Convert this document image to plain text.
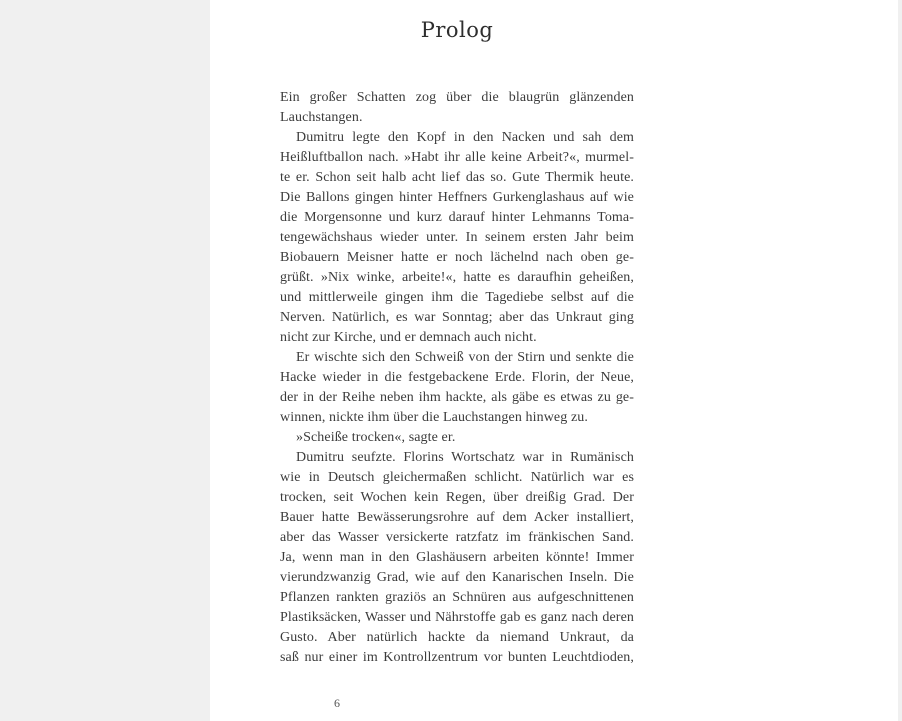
Prolog
Ein großer Schatten zog über die blaugrün glänzenden
Lauchstangen.
Dumitru legte den Kopf in den Nacken und sah dem
Heißluftballon nach. »Habt ihr alle keine Arbeit?«, murmel-
te er. Schon seit halb acht lief das so. Gute Thermik heute.
Die Ballons gingen hinter Heffners Gurkenglashaus auf wie
die Morgensonne und kurz darauf hinter Lehmanns Toma-
tengewächshaus wieder unter. In seinem ersten Jahr beim
Biobauern Meisner hatte er noch lächelnd nach oben ge-
grüßt. »Nix winke, arbeite!«, hatte es daraufhin geheißen,
und mittlerweile gingen ihm die Tagediebe selbst auf die
Nerven. Natürlich, es war Sonntag; aber das Unkraut ging
nicht zur Kirche, und er demnach auch nicht.
Er wischte sich den Schweiß von der Stirn und senkte die
Hacke wieder in die festgebackene Erde. Florin, der Neue,
der in der Reihe neben ihm hackte, als gäbe es etwas zu ge-
winnen, nickte ihm über die Lauchstangen hinweg zu.
»Scheiße trocken«, sagte er.
Dumitru seufzte. Florins Wortschatz war in Rumänisch
wie in Deutsch gleichermaßen schlicht. Natürlich war es
trocken, seit Wochen kein Regen, über dreißig Grad. Der
Bauer hatte Bewässerungsrohre auf dem Acker installiert,
aber das Wasser versickerte ratzfatz im fränkischen Sand.
Ja, wenn man in den Glashäusern arbeiten könnte! Immer
vierundzwanzig Grad, wie auf den Kanarischen Inseln. Die
Pflanzen rankten graziös an Schnüren aus aufgeschnittenen
Plastiksäcken, Wasser und Nährstoffe gab es ganz nach deren
Gusto. Aber natürlich hackte da niemand Unkraut, da
saß nur einer im Kontrollzentrum vor bunten Leuchtdioden,
6
